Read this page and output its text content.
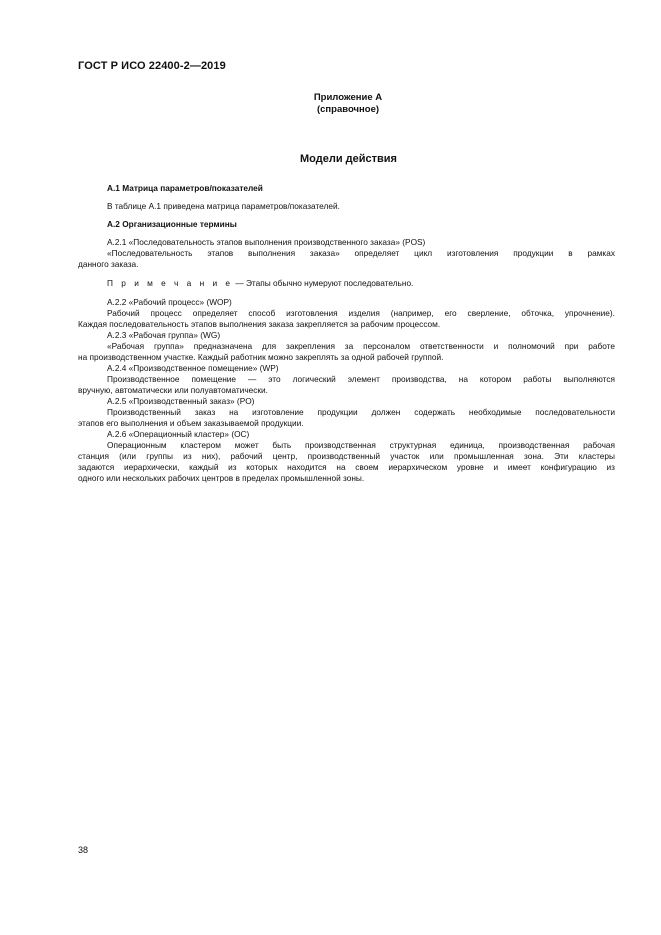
ГОСТ Р ИСО 22400-2—2019
Приложение А
(справочное)
Модели действия
А.1 Матрица параметров/показателей
В таблице А.1 приведена матрица параметров/показателей.
А.2 Организационные термины
А.2.1 «Последовательность этапов выполнения производственного заказа» (POS)
«Последовательность этапов выполнения заказа» определяет цикл изготовления продукции в рамках
данного заказа.
П р и м е ч а н и е — Этапы обычно нумеруют последовательно.
А.2.2 «Рабочий процесс» (WOP)
Рабочий процесс определяет способ изготовления изделия (например, его сверление, обточка, упрочнение).
Каждая последовательность этапов выполнения заказа закрепляется за рабочим процессом.
А.2.3 «Рабочая группа» (WG)
«Рабочая группа» предназначена для закрепления за персоналом ответственности и полномочий при работе
на производственном участке. Каждый работник можно закреплять за одной рабочей группой.
А.2.4 «Производственное помещение» (WP)
Производственное помещение — это логический элемент производства, на котором работы выполняются
вручную, автоматически или полуавтоматически.
А.2.5 «Производственный заказ» (PO)
Производственный заказ на изготовление продукции должен содержать необходимые последовательности
этапов его выполнения и объем заказываемой продукции.
А.2.6 «Операционный кластер» (ОС)
Операционным кластером может быть производственная структурная единица, производственная рабочая
станция (или группы из них), рабочий центр, производственный участок или промышленная зона. Эти кластеры
задаются иерархически, каждый из которых находится на своем иерархическом уровне и имеет конфигурацию из
одного или нескольких рабочих центров в пределах промышленной зоны.
38
